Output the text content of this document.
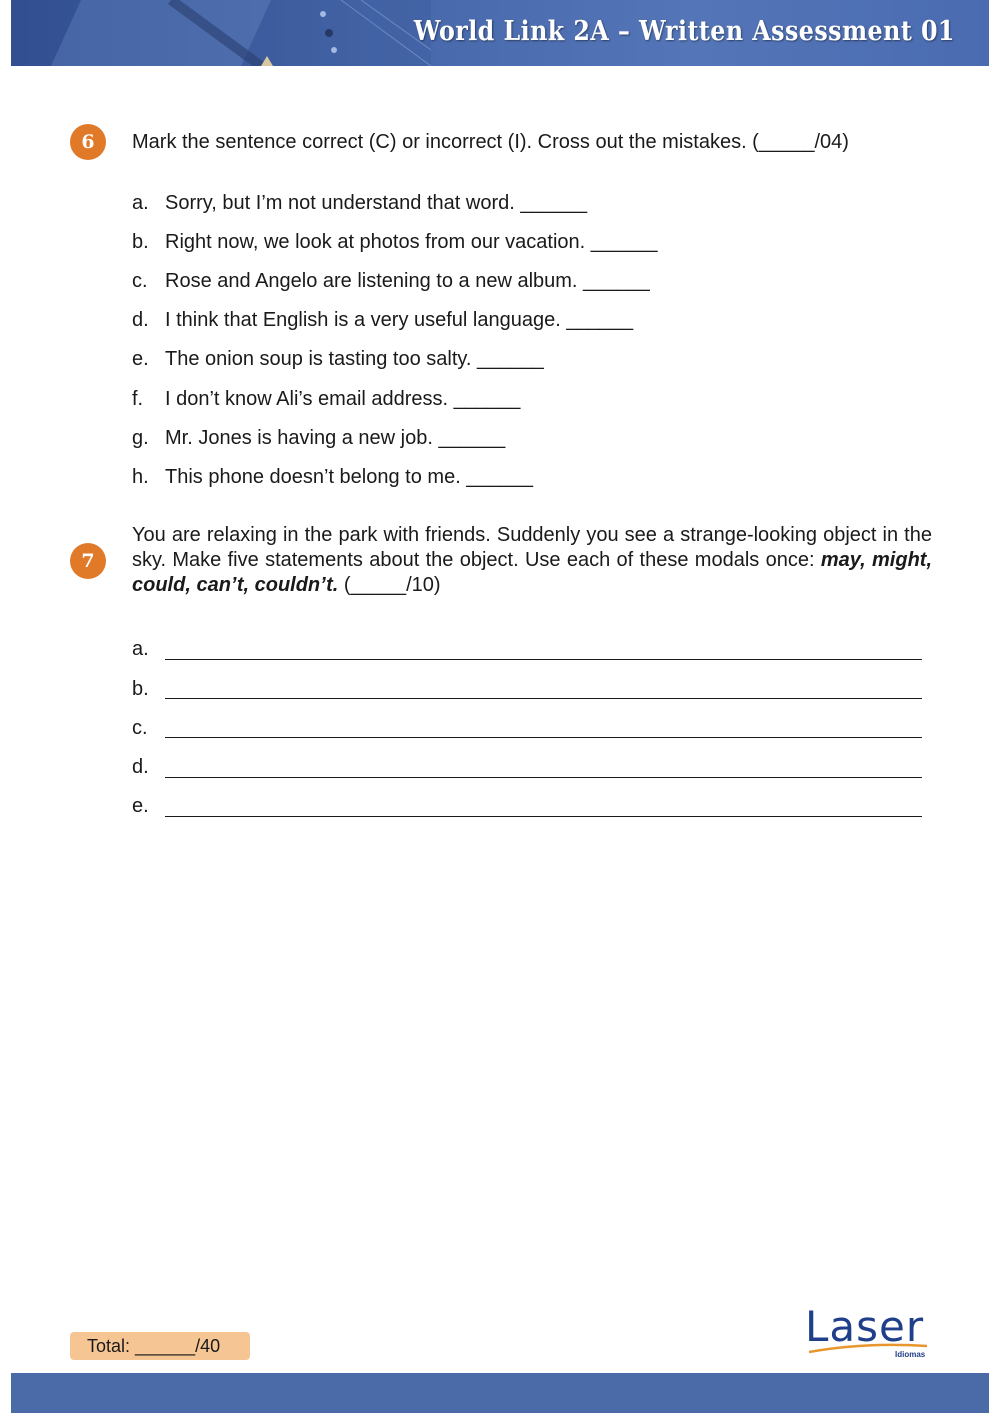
World Link 2A – Written Assessment 01
6	Mark the sentence correct (C) or incorrect (I). Cross out the mistakes. (_____/04)
a. Sorry, but I’m not understand that word. ______
b. Right now, we look at photos from our vacation. ______
c. Rose and Angelo are listening to a new album. ______
d. I think that English is a very useful language. ______
e. The onion soup is tasting too salty. ______
f. I don’t know Ali’s email address. ______
g. Mr. Jones is having a new job. ______
h. This phone doesn’t belong to me. ______
7
You are relaxing in the park with friends. Suddenly you see a strange-looking object in the sky. Make five statements about the object. Use each of these modals once: may, might, could, can’t, couldn’t. (_____/10)
a.
b.
c.
d.
e.
Total: ______/40	Laser
Idiomas
